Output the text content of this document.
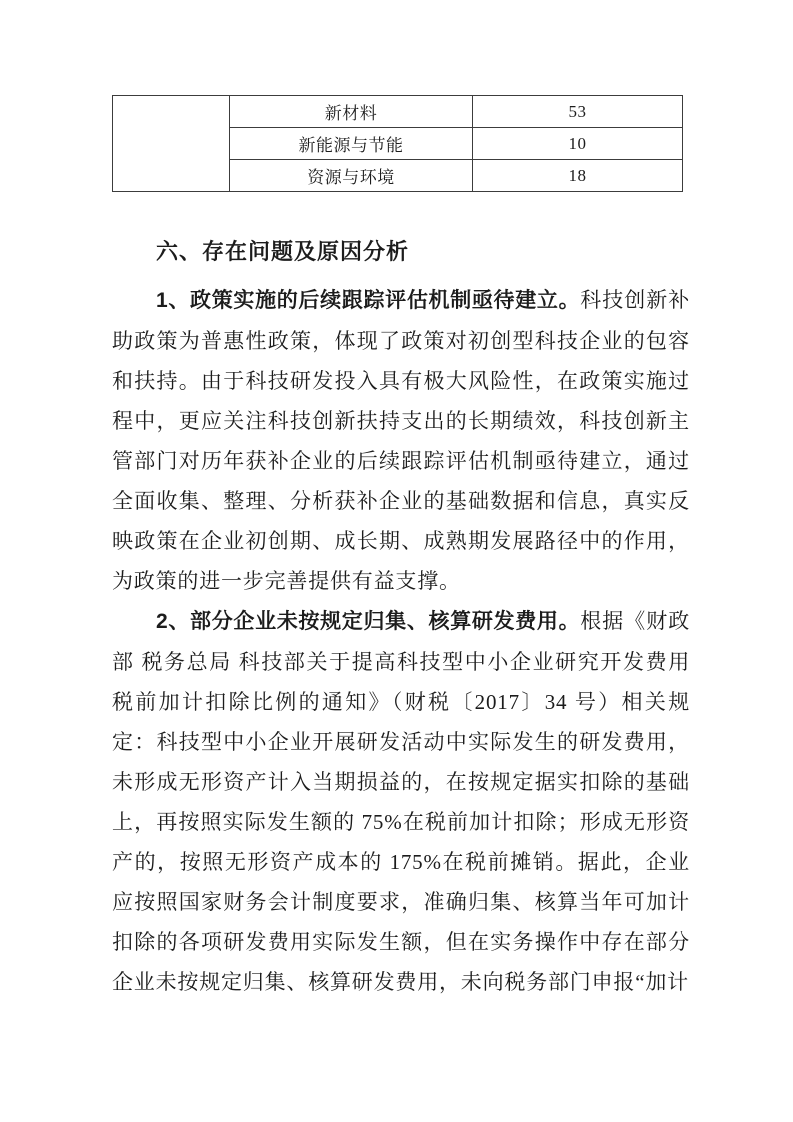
	新材料	53
	新能源与节能	10
	资源与环境	18
六、存在问题及原因分析

1、政策实施的后续跟踪评估机制亟待建立。科技创新补助政策为普惠性政策，体现了政策对初创型科技企业的包容和扶持。由于科技研发投入具有极大风险性，在政策实施过程中，更应关注科技创新扶持支出的长期绩效，科技创新主管部门对历年获补企业的后续跟踪评估机制亟待建立，通过全面收集、整理、分析获补企业的基础数据和信息，真实反映政策在企业初创期、成长期、成熟期发展路径中的作用，为政策的进一步完善提供有益支撑。

2、部分企业未按规定归集、核算研发费用。根据《财政部 税务总局 科技部关于提高科技型中小企业研究开发费用税前加计扣除比例的通知》（财税〔2017〕34 号）相关规定：科技型中小企业开展研发活动中实际发生的研发费用，未形成无形资产计入当期损益的，在按规定据实扣除的基础上，再按照实际发生额的 75%在税前加计扣除；形成无形资产的，按照无形资产成本的 175%在税前摊销。据此，企业应按照国家财务会计制度要求，准确归集、核算当年可加计扣除的各项研发费用实际发生额，但在实务操作中存在部分企业未按规定归集、核算研发费用，未向税务部门申报“加计
